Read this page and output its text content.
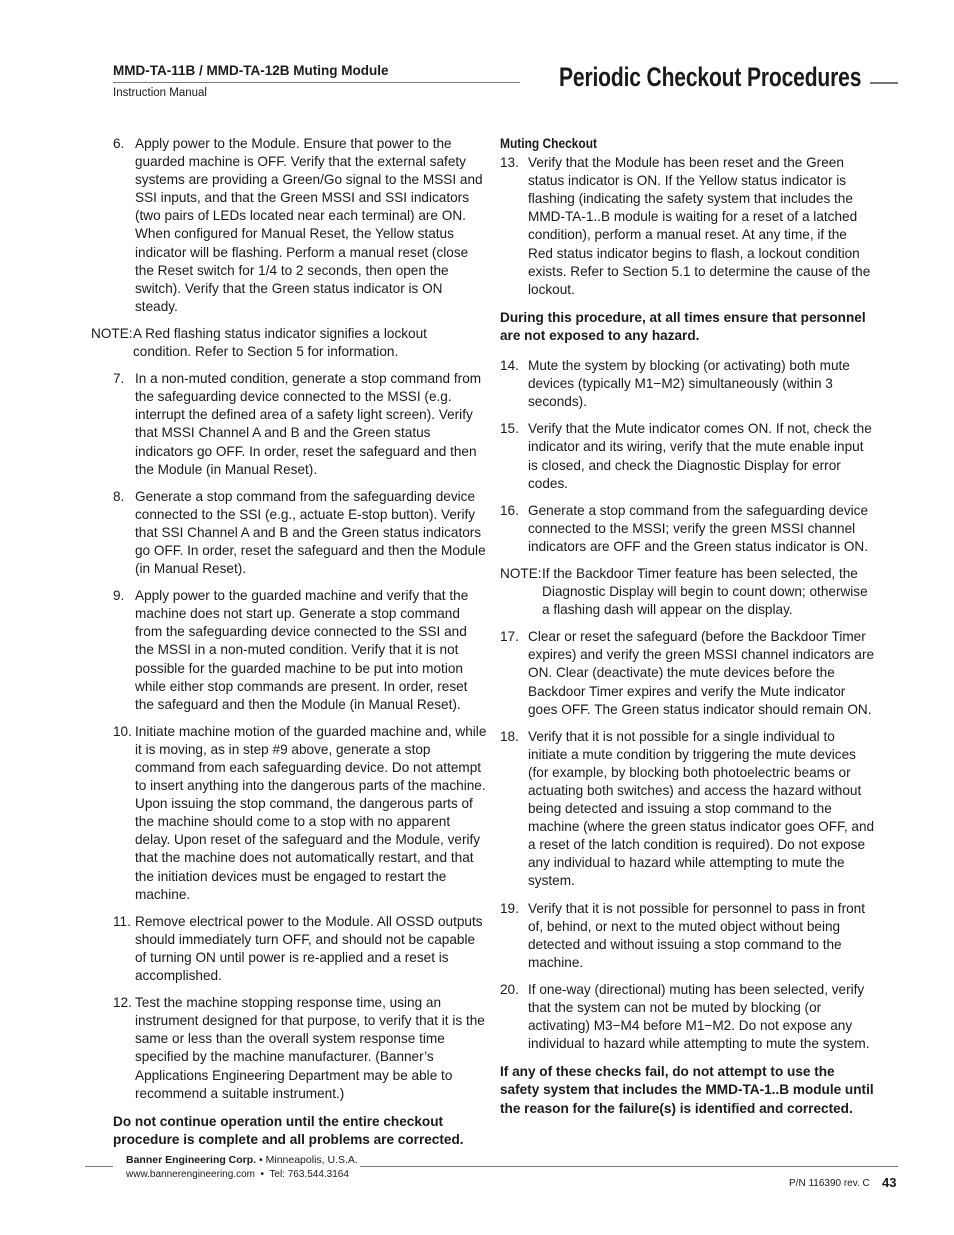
MMD-TA-11B / MMD-TA-12B Muting Module
Instruction Manual
Periodic Checkout Procedures
6. Apply power to the Module. Ensure that power to the guarded machine is OFF. Verify that the external safety systems are providing a Green/Go signal to the MSSI and SSI inputs, and that the Green MSSI and SSI indicators (two pairs of LEDs located near each terminal) are ON. When configured for Manual Reset, the Yellow status indicator will be flashing. Perform a manual reset (close the Reset switch for 1/4 to 2 seconds, then open the switch). Verify that the Green status indicator is ON steady.
NOTE: A Red flashing status indicator signifies a lockout condition. Refer to Section 5 for information.
7. In a non-muted condition, generate a stop command from the safeguarding device connected to the MSSI (e.g. interrupt the defined area of a safety light screen). Verify that MSSI Channel A and B and the Green status indicators go OFF. In order, reset the safeguard and then the Module (in Manual Reset).
8. Generate a stop command from the safeguarding device connected to the SSI (e.g., actuate E-stop button). Verify that SSI Channel A and B and the Green status indicators go OFF. In order, reset the safeguard and then the Module (in Manual Reset).
9. Apply power to the guarded machine and verify that the machine does not start up. Generate a stop command from the safeguarding device connected to the SSI and the MSSI in a non-muted condition. Verify that it is not possible for the guarded machine to be put into motion while either stop commands are present. In order, reset the safeguard and then the Module (in Manual Reset).
10. Initiate machine motion of the guarded machine and, while it is moving, as in step #9 above, generate a stop command from each safeguarding device. Do not attempt to insert anything into the dangerous parts of the machine. Upon issuing the stop command, the dangerous parts of the machine should come to a stop with no apparent delay. Upon reset of the safeguard and the Module, verify that the machine does not automatically restart, and that the initiation devices must be engaged to restart the machine.
11. Remove electrical power to the Module. All OSSD outputs should immediately turn OFF, and should not be capable of turning ON until power is re-applied and a reset is accomplished.
12. Test the machine stopping response time, using an instrument designed for that purpose, to verify that it is the same or less than the overall system response time specified by the machine manufacturer. (Banner’s Applications Engineering Department may be able to recommend a suitable instrument.)
Do not continue operation until the entire checkout procedure is complete and all problems are corrected.
Muting Checkout
13. Verify that the Module has been reset and the Green status indicator is ON. If the Yellow status indicator is flashing (indicating the safety system that includes the MMD-TA-1..B module is waiting for a reset of a latched condition), perform a manual reset. At any time, if the Red status indicator begins to flash, a lockout condition exists. Refer to Section 5.1 to determine the cause of the lockout.
During this procedure, at all times ensure that personnel are not exposed to any hazard.
14. Mute the system by blocking (or activating) both mute devices (typically M1−M2) simultaneously (within 3 seconds).
15. Verify that the Mute indicator comes ON. If not, check the indicator and its wiring, verify that the mute enable input is closed, and check the Diagnostic Display for error codes.
16. Generate a stop command from the safeguarding device connected to the MSSI; verify the green MSSI channel indicators are OFF and the Green status indicator is ON.
NOTE: If the Backdoor Timer feature has been selected, the Diagnostic Display will begin to count down; otherwise a flashing dash will appear on the display.
17. Clear or reset the safeguard (before the Backdoor Timer expires) and verify the green MSSI channel indicators are ON. Clear (deactivate) the mute devices before the Backdoor Timer expires and verify the Mute indicator goes OFF. The Green status indicator should remain ON.
18. Verify that it is not possible for a single individual to initiate a mute condition by triggering the mute devices (for example, by blocking both photoelectric beams or actuating both switches) and access the hazard without being detected and issuing a stop command to the machine (where the green status indicator goes OFF, and a reset of the latch condition is required). Do not expose any individual to hazard while attempting to mute the system.
19. Verify that it is not possible for personnel to pass in front of, behind, or next to the muted object without being detected and without issuing a stop command to the machine.
20. If one-way (directional) muting has been selected, verify that the system can not be muted by blocking (or activating) M3−M4 before M1−M2. Do not expose any individual to hazard while attempting to mute the system.
If any of these checks fail, do not attempt to use the safety system that includes the MMD-TA-1..B module until the reason for the failure(s) is identified and corrected.
Banner Engineering Corp. • Minneapolis, U.S.A.
www.bannerengineering.com  •  Tel: 763.544.3164
P/N 116390 rev. C 43
